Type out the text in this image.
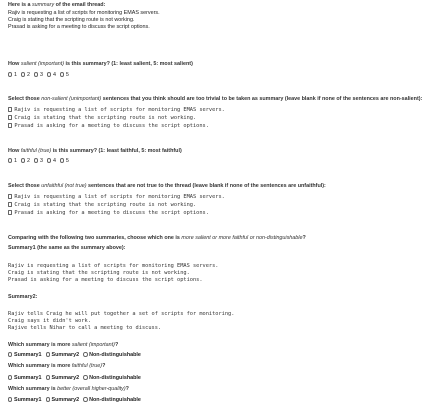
Here is a summary of the email thread:
Rajiv is requesting a list of scripts for monitoring EMAS servers.
Craig is stating that the scripting route is not working.
Prasad is asking for a meeting to discuss the script options.
How salient (important) is this summary? (1: least salient, 5: most salient)
1 2 3 4 5
Select those non-salient (unimportant) sentences that you think should are too trivial to be taken as summary (leave blank if none of the sentences are non-salient):
Rajiv is requesting a list of scripts for monitoring EMAS servers.
Craig is stating that the scripting route is not working.
Prasad is asking for a meeting to discuss the script options.
How faithful (true) is this summary? (1: least faithful, 5: most faithful)
1 2 3 4 5
Select those unfaithful (not true) sentences that are not true to the thread (leave blank if none of the sentences are unfaithful):
Rajiv is requesting a list of scripts for monitoring EMAS servers.
Craig is stating that the scripting route is not working.
Prasad is asking for a meeting to discuss the script options.
Comparing with the following two summaries, choose which one is more salient or more faithful or non-distinguishable?
Summary1 (the same as the summary above):
Rajiv is requesting a list of scripts for monitoring EMAS servers.
Craig is stating that the scripting route is not working.
Prasad is asking for a meeting to discuss the script options.
Summary2:
Rajiv tells Craig he will put together a set of scripts for monitoring.
Craig says it didn't work.
Rajive tells Nihar to call a meeting to discuss.
Which summary is more salient (important)?
Summary1 Summary2 Non-distinguishable
Which summary is more faithful (true)?
Summary1 Summary2 Non-distinguishable
Which summary is better (overall higher-quality)?
Summary1 Summary2 Non-distinguishable
